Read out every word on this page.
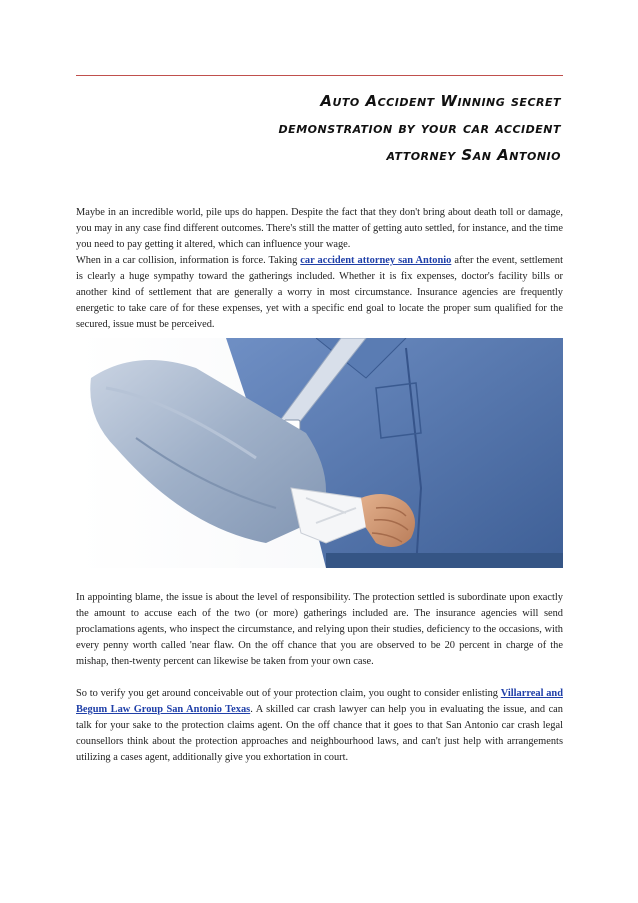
Auto Accident Winning secret
demonstration by your car accident
attorney San Antonio

Maybe in an incredible world, pile ups do happen. Despite the fact that they don't bring about death toll or damage, you may in any case find different outcomes. There's still the matter of getting auto settled, for instance, and the time you need to pay getting it altered, which can influence your wage.
When in a car collision, information is force. Taking car accident attorney san Antonio after the event, settlement is clearly a huge sympathy toward the gatherings included. Whether it is fix expenses, doctor's facility bills or another kind of settlement that are generally a worry in most circumstance. Insurance agencies are frequently energetic to take care of for these expenses, yet with a specific end goal to locate the proper sum qualified for the secured, issue must be perceived.

In appointing blame, the issue is about the level of responsibility. The protection settled is subordinate upon exactly the amount to accuse each of the two (or more) gatherings included are. The insurance agencies will send proclamations agents, who inspect the circumstance, and relying upon their studies, deficiency to the occasions, with every penny worth called 'near flaw. On the off chance that you are observed to be 20 percent in charge of the mishap, then-twenty percent can likewise be taken from your own case.

So to verify you get around conceivable out of your protection claim, you ought to consider enlisting Villarreal and Begum Law Group San Antonio Texas. A skilled car crash lawyer can help you in evaluating the issue, and can talk for your sake to the protection claims agent. On the off chance that it goes to that San Antonio car crash legal counsellors think about the protection approaches and neighbourhood laws, and can't just help with arrangements utilizing a cases agent, additionally give you exhortation in court.
